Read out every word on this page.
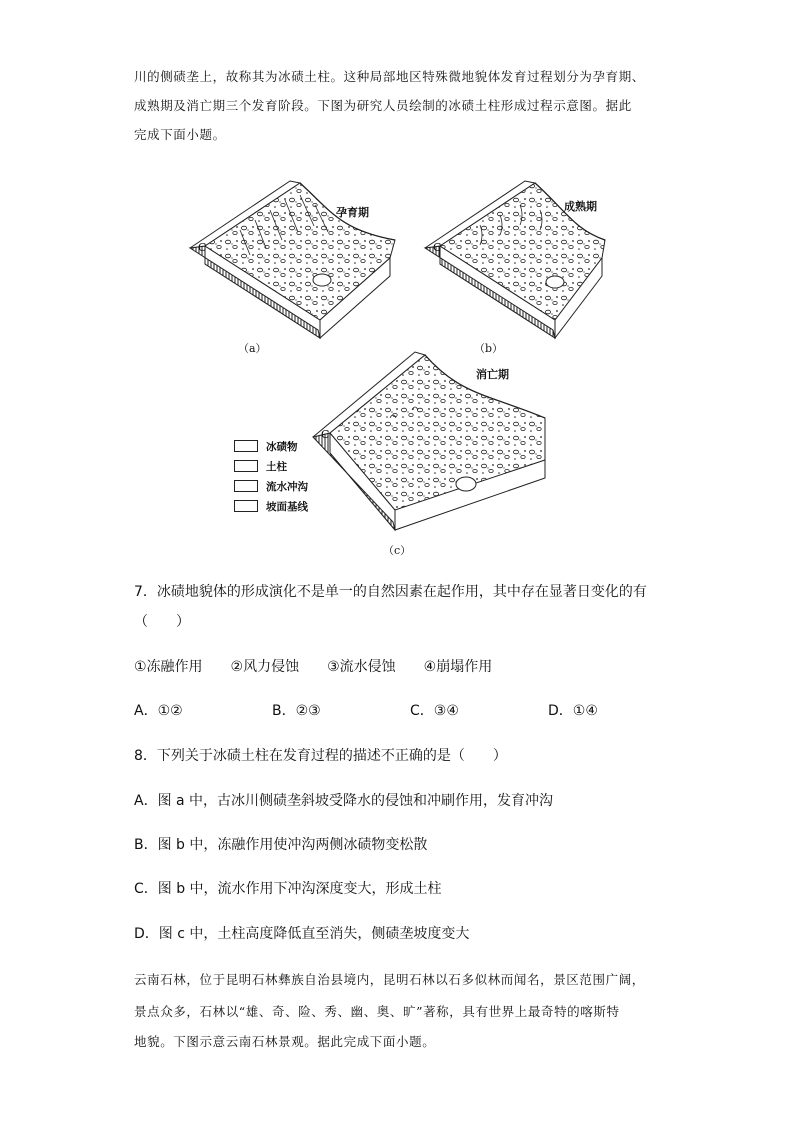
川的侧碛垄上，故称其为冰碛土柱。这种局部地区特殊微地貌体发育过程划分为孕育期、

成熟期及消亡期三个发育阶段。下图为研究人员绘制的冰碛土柱形成过程示意图。据此

完成下面小题。

孕育期	成熟期
消亡期
C	C
C
（a）	（b）
（c）
冰碛物
土柱
流水冲沟
坡面基线

7．冰碛地貌体的形成演化不是单一的自然因素在起作用，其中存在显著日变化的有

（　　）

①冻融作用　　②风力侵蚀　　③流水侵蚀　　④崩塌作用

A．①②	B．②③	C．③④	D．①④

8．下列关于冰碛土柱在发育过程的描述不正确的是（　　）

A．图 a 中，古冰川侧碛垄斜坡受降水的侵蚀和冲刷作用，发育冲沟

B．图 b 中，冻融作用使冲沟两侧冰碛物变松散

C．图 b 中，流水作用下冲沟深度变大，形成土柱

D．图 c 中，土柱高度降低直至消失，侧碛垄坡度变大

云南石林，位于昆明石林彝族自治县境内，昆明石林以石多似林而闻名，景区范围广阔，

景点众多，石林以“雄、奇、险、秀、幽、奥、旷”著称，具有世界上最奇特的喀斯特

地貌。下图示意云南石林景观。据此完成下面小题。
